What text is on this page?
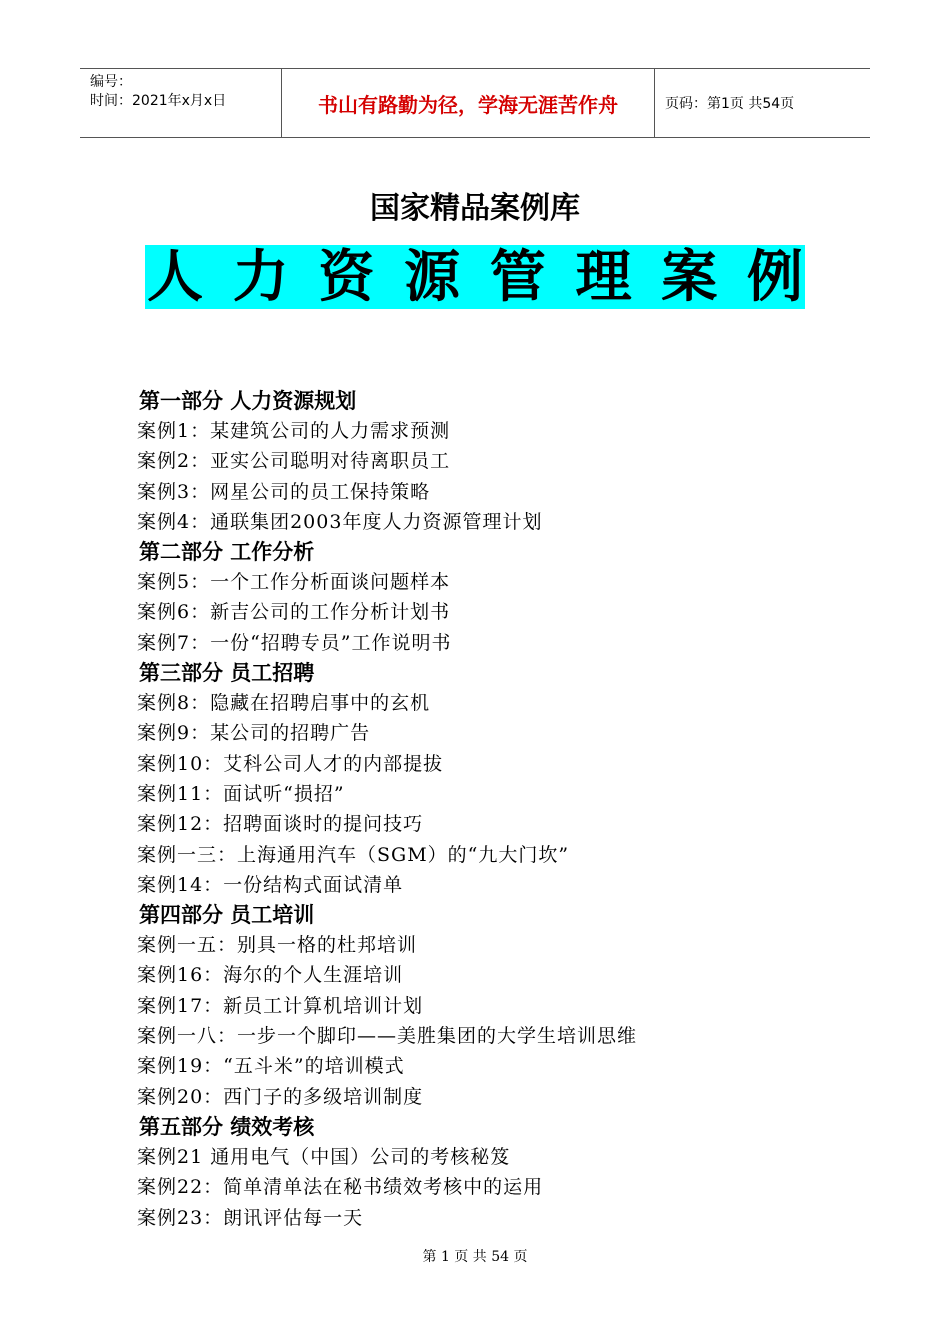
编号：
时间：2021年x月x日	书山有路勤为径，学海无涯苦作舟	页码：第1页 共54页
国家精品案例库
人 力 资 源 管 理 案 例
第一部分 人力资源规划
案例1：某建筑公司的人力需求预测
案例2：亚实公司聪明对待离职员工
案例3：网星公司的员工保持策略
案例4：通联集团2003年度人力资源管理计划
第二部分 工作分析
案例5：一个工作分析面谈问题样本
案例6：新吉公司的工作分析计划书
案例7：一份“招聘专员”工作说明书
第三部分 员工招聘
案例8：隐藏在招聘启事中的玄机
案例9：某公司的招聘广告
案例10：艾科公司人才的内部提拔
案例11：面试听“损招”
案例12：招聘面谈时的提问技巧
案例一三：上海通用汽车（SGM）的“九大门坎”
案例14：一份结构式面试清单
第四部分 员工培训
案例一五：别具一格的杜邦培训
案例16：海尔的个人生涯培训
案例17：新员工计算机培训计划
案例一八：一步一个脚印——美胜集团的大学生培训思维
案例19：“五斗米”的培训模式
案例20：西门子的多级培训制度
第五部分 绩效考核
案例21 通用电气（中国）公司的考核秘笈
案例22：简单清单法在秘书绩效考核中的运用
案例23：朗讯评估每一天
第 1 页 共 54 页
